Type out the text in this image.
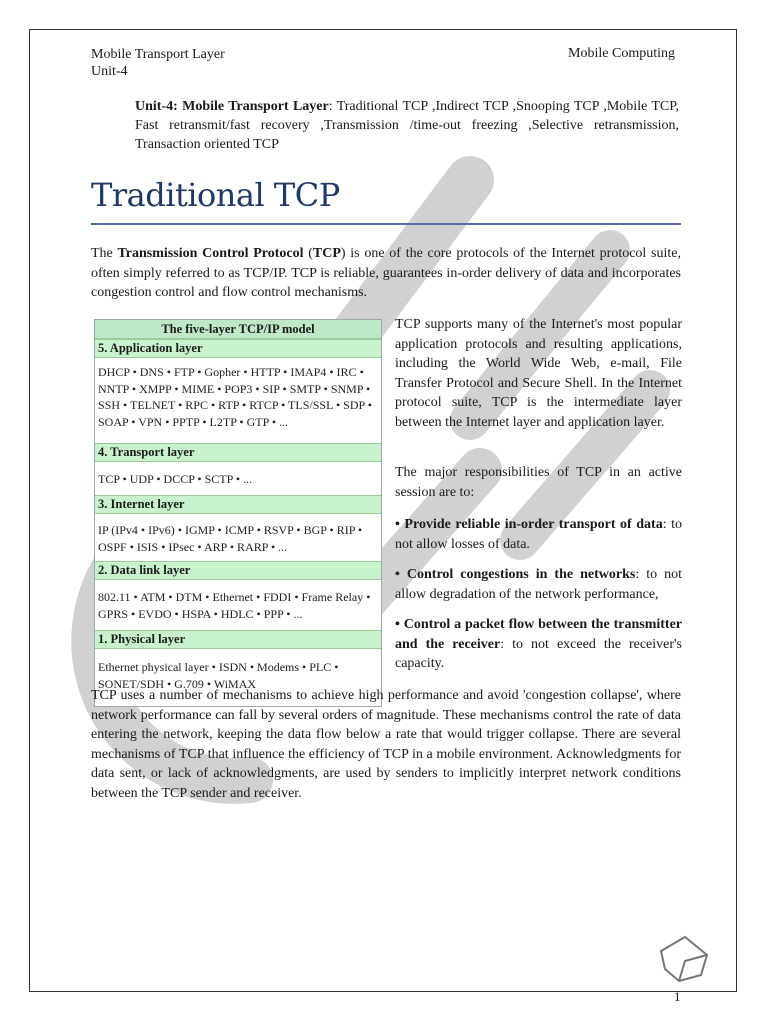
Mobile Transport Layer
Unit-4
Mobile Computing
Unit-4: Mobile Transport Layer: Traditional TCP ,Indirect TCP ,Snooping TCP ,Mobile TCP, Fast retransmit/fast recovery ,Transmission /time-out freezing ,Selective retransmission, Transaction oriented TCP
Traditional TCP
The Transmission Control Protocol (TCP) is one of the core protocols of the Internet protocol suite, often simply referred to as TCP/IP. TCP is reliable, guarantees in-order delivery of data and incorporates congestion control and flow control mechanisms.
The five-layer TCP/IP model
5. Application layer
DHCP • DNS • FTP • Gopher • HTTP • IMAP4 • IRC • NNTP • XMPP • MIME • POP3 • SIP • SMTP • SNMP • SSH • TELNET • RPC • RTP • RTCP • TLS/SSL • SDP • SOAP • VPN • PPTP • L2TP • GTP • ...
4. Transport layer
TCP • UDP • DCCP • SCTP • ...
3. Internet layer
IP (IPv4 • IPv6) • IGMP • ICMP • RSVP • BGP • RIP • OSPF • ISIS • IPsec • ARP • RARP • ...
2. Data link layer
802.11 • ATM • DTM • Ethernet • FDDI • Frame Relay • GPRS • EVDO • HSPA • HDLC • PPP • ...
1. Physical layer
Ethernet physical layer • ISDN • Modems • PLC • SONET/SDH • G.709 • WiMAX
TCP supports many of the Internet's most popular application protocols and resulting applications, including the World Wide Web, e-mail, File Transfer Protocol and Secure Shell. In the Internet protocol suite, TCP is the intermediate layer between the Internet layer and application layer.
The major responsibilities of TCP in an active session are to:
• Provide reliable in-order transport of data: to not allow losses of data.
• Control congestions in the networks: to not allow degradation of the network performance,
• Control a packet flow between the transmitter and the receiver: to not exceed the receiver's capacity.
TCP uses a number of mechanisms to achieve high performance and avoid 'congestion collapse', where network performance can fall by several orders of magnitude. These mechanisms control the rate of data entering the network, keeping the data flow below a rate that would trigger collapse. There are several mechanisms of TCP that influence the efficiency of TCP in a mobile environment. Acknowledgments for data sent, or lack of acknowledgments, are used by senders to implicitly interpret network conditions between the TCP sender and receiver.
1
